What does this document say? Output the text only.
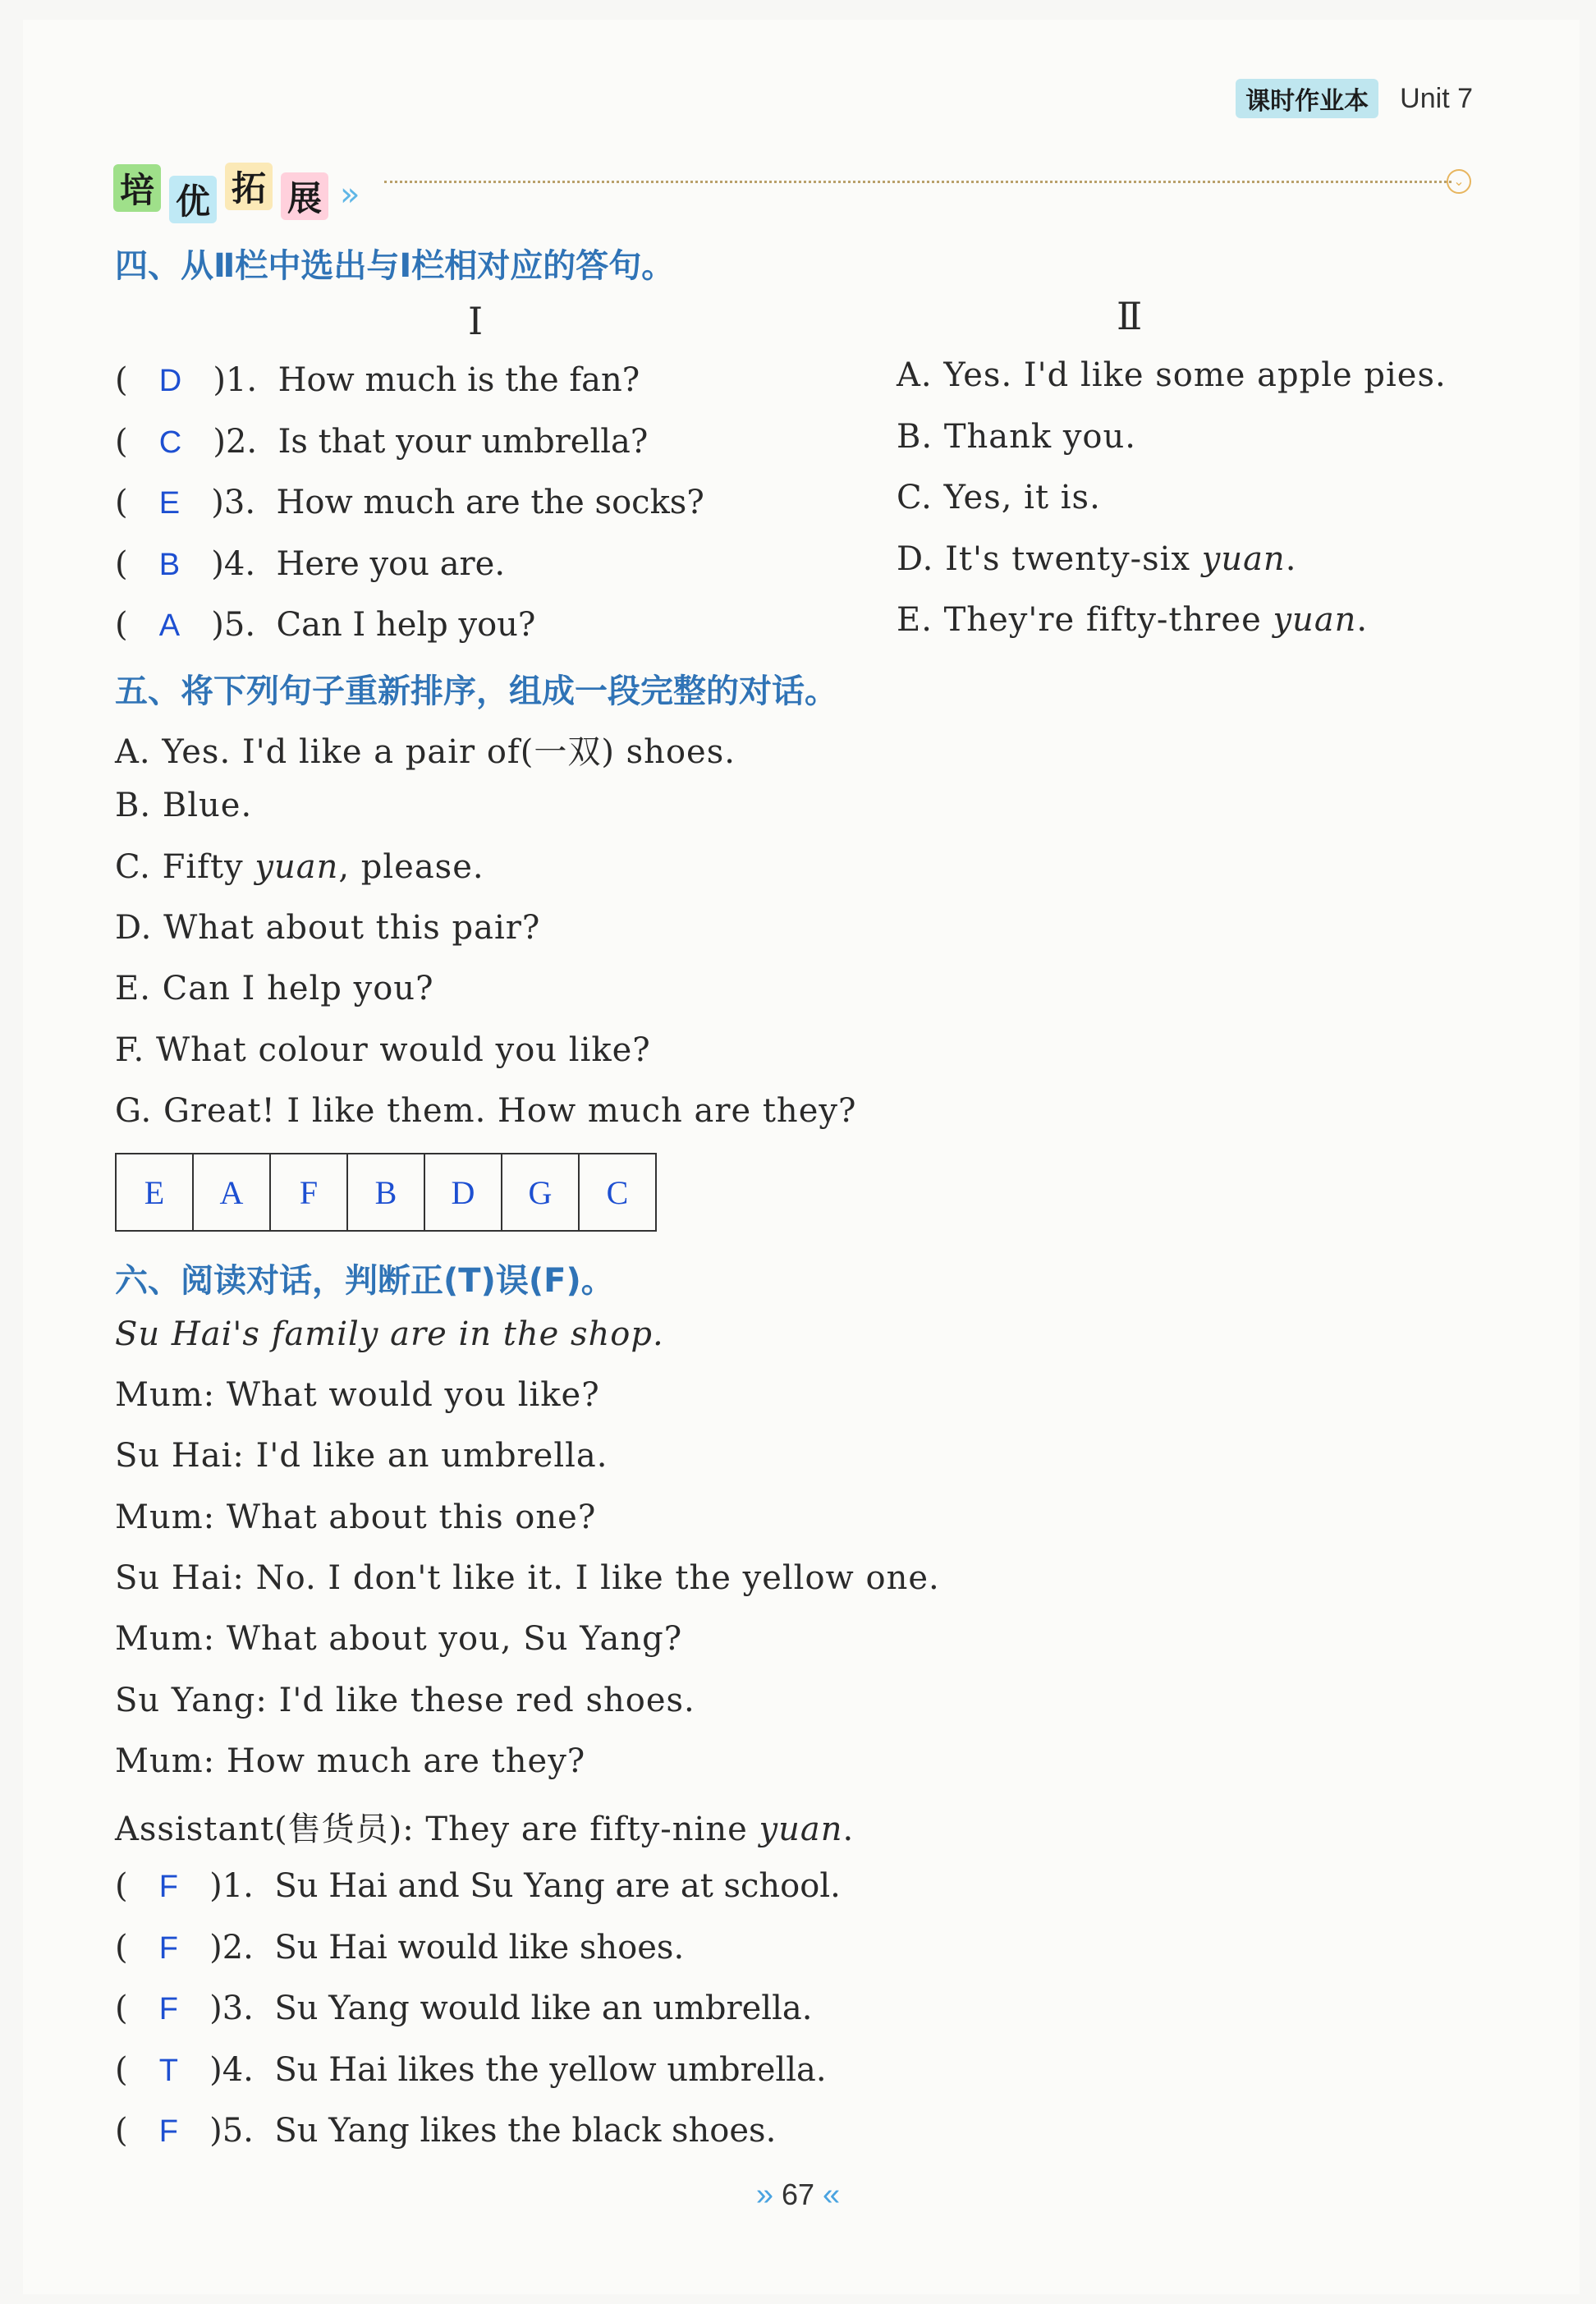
课时作业本	Unit 7
培 优 拓 展 »	⌄
四、从Ⅱ栏中选出与Ⅰ栏相对应的答句。
Ⅰ	Ⅱ
(   D )1. How much is the fan?
(   C )2. Is that your umbrella?
(   E )3. How much are the socks?
(   B )4. Here you are.
(   A )5. Can I help you?
A. Yes. I'd like some apple pies.
B. Thank you.
C. Yes, it is.
D. It's twenty-six yuan.
E. They're fifty-three yuan.
五、将下列句子重新排序，组成一段完整的对话。
A. Yes. I'd like a pair of(一双) shoes.
B. Blue.
C. Fifty yuan, please.
D. What about this pair?
E. Can I help you?
F. What colour would you like?
G. Great! I like them. How much are they?
E	A	F	B	D	G	C
六、阅读对话，判断正(T)误(F)。
Su Hai's family are in the shop.
Mum: What would you like?
Su Hai: I'd like an umbrella.
Mum: What about this one?
Su Hai: No. I don't like it. I like the yellow one.
Mum: What about you, Su Yang?
Su Yang: I'd like these red shoes.
Mum: How much are they?
Assistant(售货员): They are fifty-nine yuan.
(   F )1. Su Hai and Su Yang are at school.
(   F )2. Su Hai would like shoes.
(   F )3. Su Yang would like an umbrella.
(   T )4. Su Hai likes the yellow umbrella.
(   F )5. Su Yang likes the black shoes.
» 67 «
